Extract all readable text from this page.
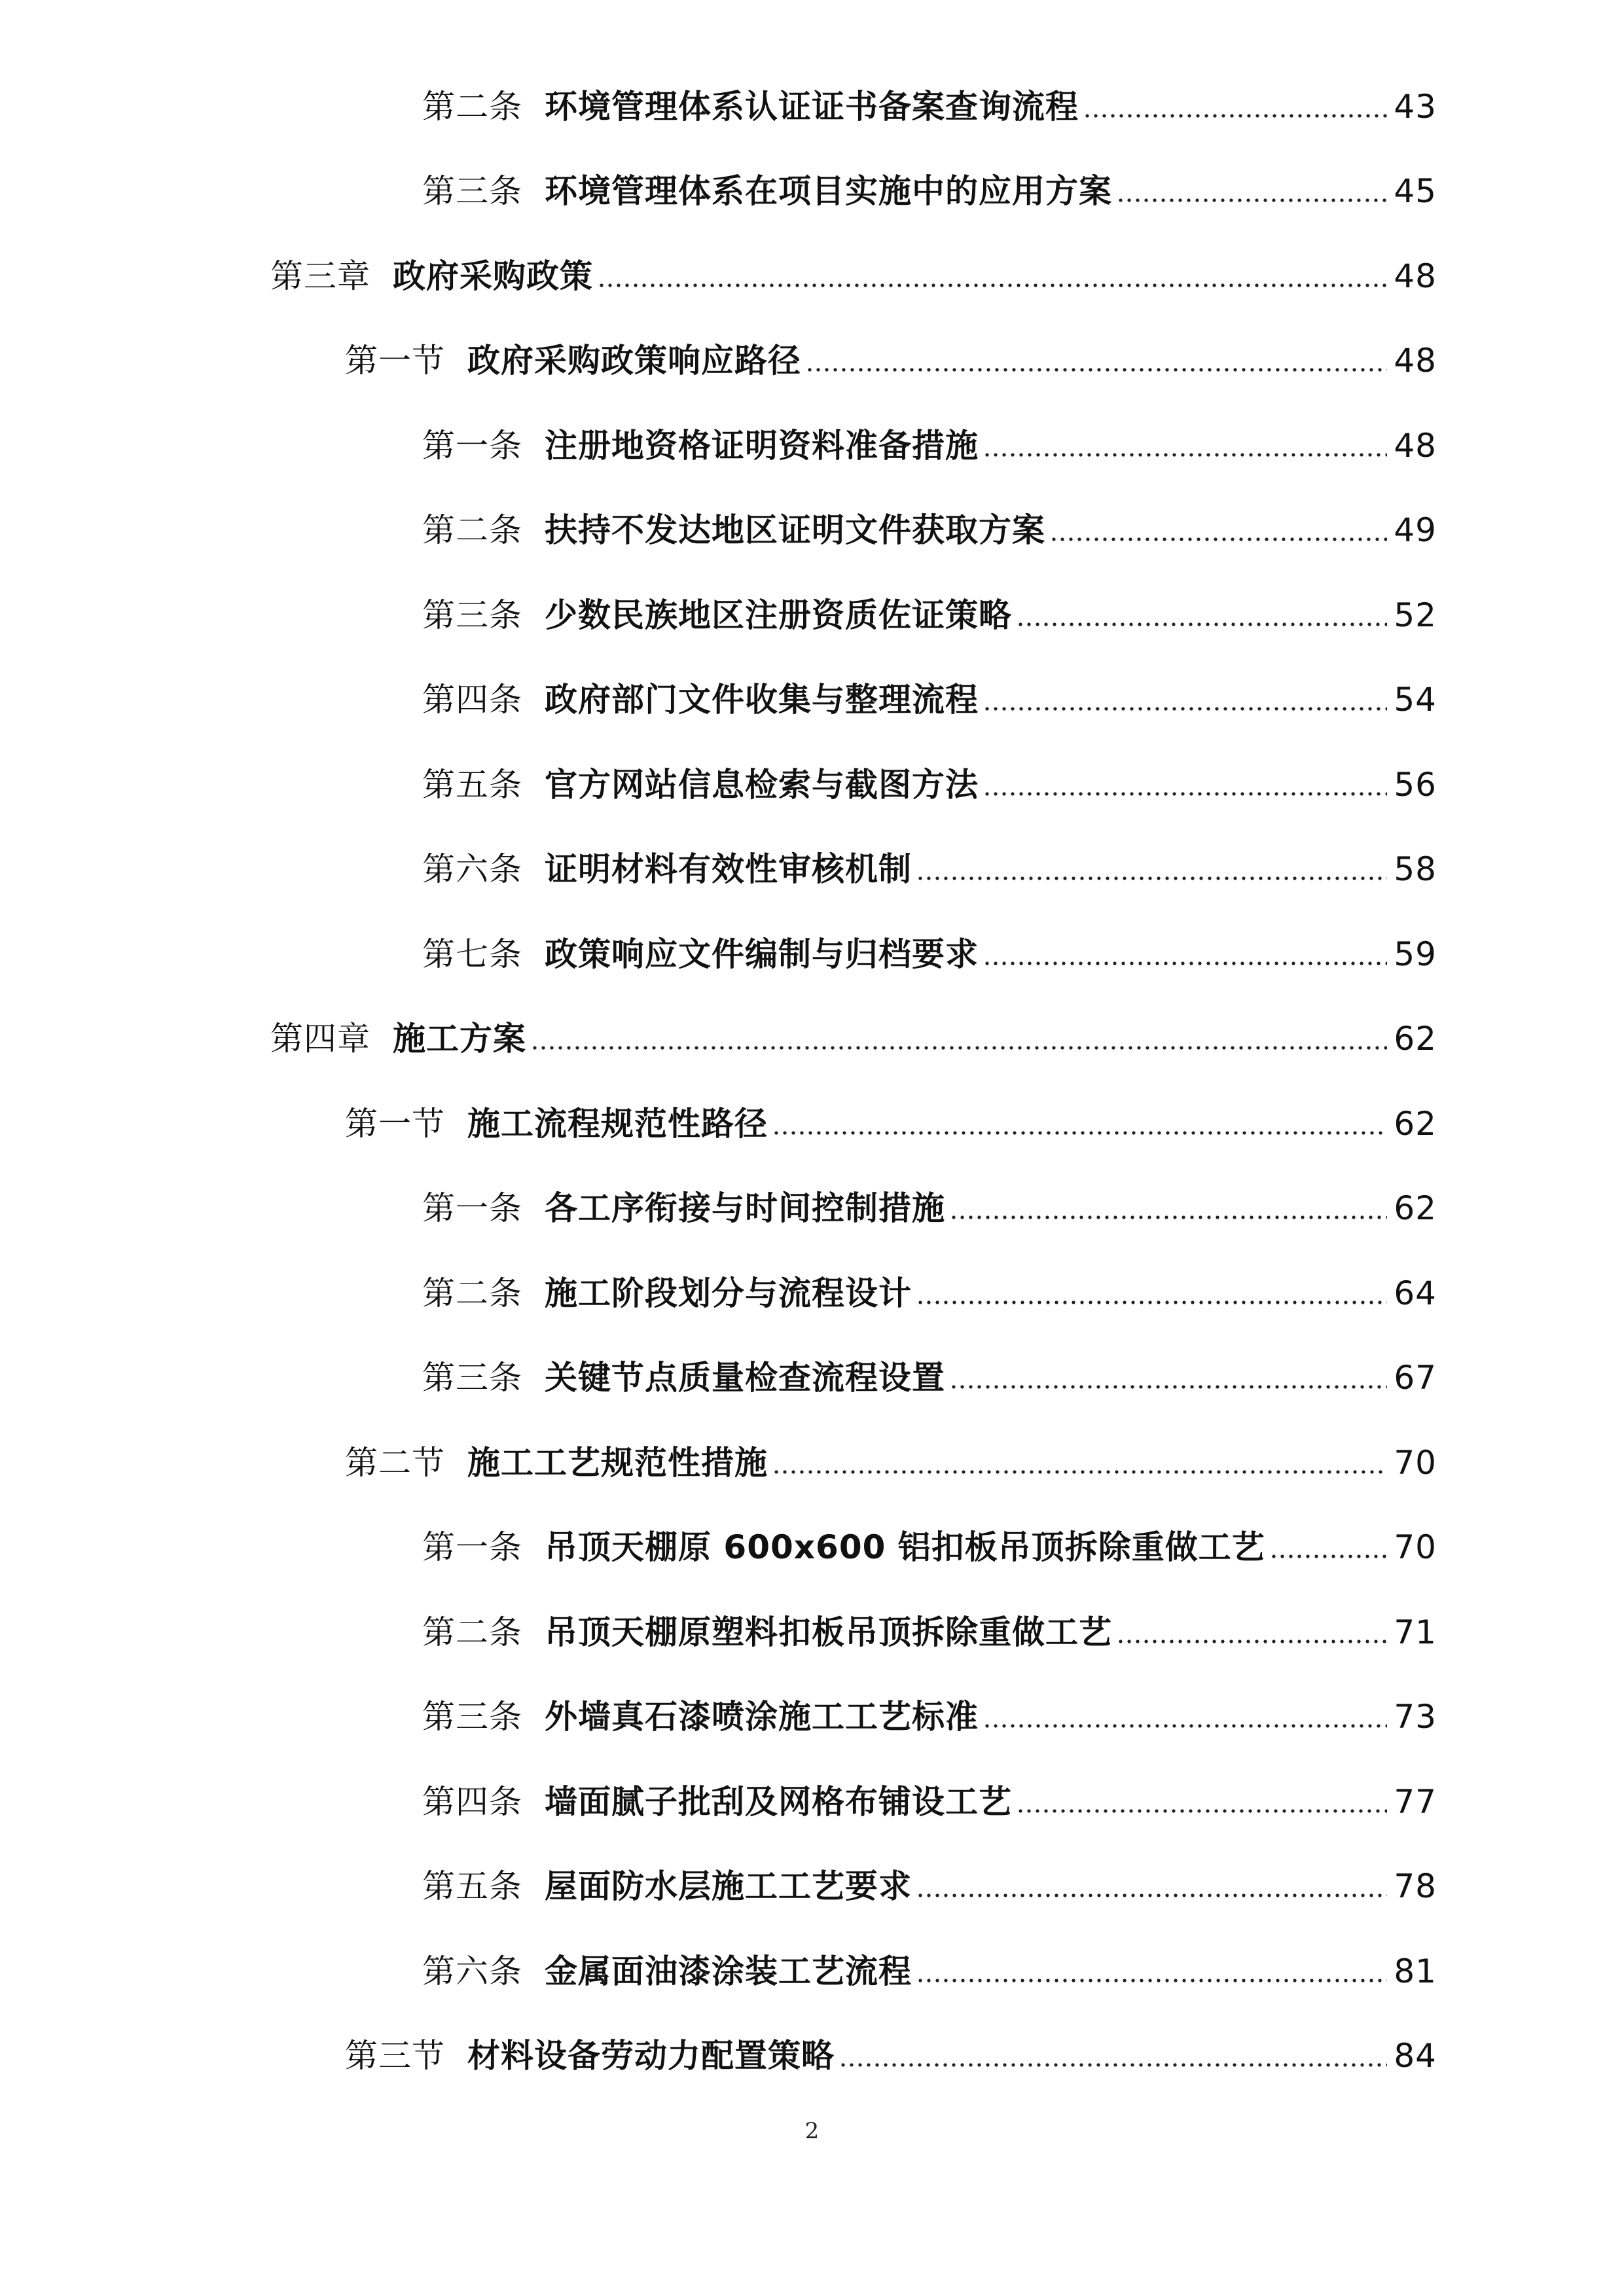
第二条 环境管理体系认证证书备案查询流程	43
第三条 环境管理体系在项目实施中的应用方案	45
第三章 政府采购政策	48
第一节 政府采购政策响应路径	48
第一条 注册地资格证明资料准备措施	48
第二条 扶持不发达地区证明文件获取方案	49
第三条 少数民族地区注册资质佐证策略	52
第四条 政府部门文件收集与整理流程	54
第五条 官方网站信息检索与截图方法	56
第六条 证明材料有效性审核机制	58
第七条 政策响应文件编制与归档要求	59
第四章 施工方案	62
第一节 施工流程规范性路径	62
第一条 各工序衔接与时间控制措施	62
第二条 施工阶段划分与流程设计	64
第三条 关键节点质量检查流程设置	67
第二节 施工工艺规范性措施	70
第一条 吊顶天棚原 600x600 铝扣板吊顶拆除重做工艺	70
第二条 吊顶天棚原塑料扣板吊顶拆除重做工艺	71
第三条 外墙真石漆喷涂施工工艺标准	73
第四条 墙面腻子批刮及网格布铺设工艺	77
第五条 屋面防水层施工工艺要求	78
第六条 金属面油漆涂装工艺流程	81
第三节 材料设备劳动力配置策略	84
2
